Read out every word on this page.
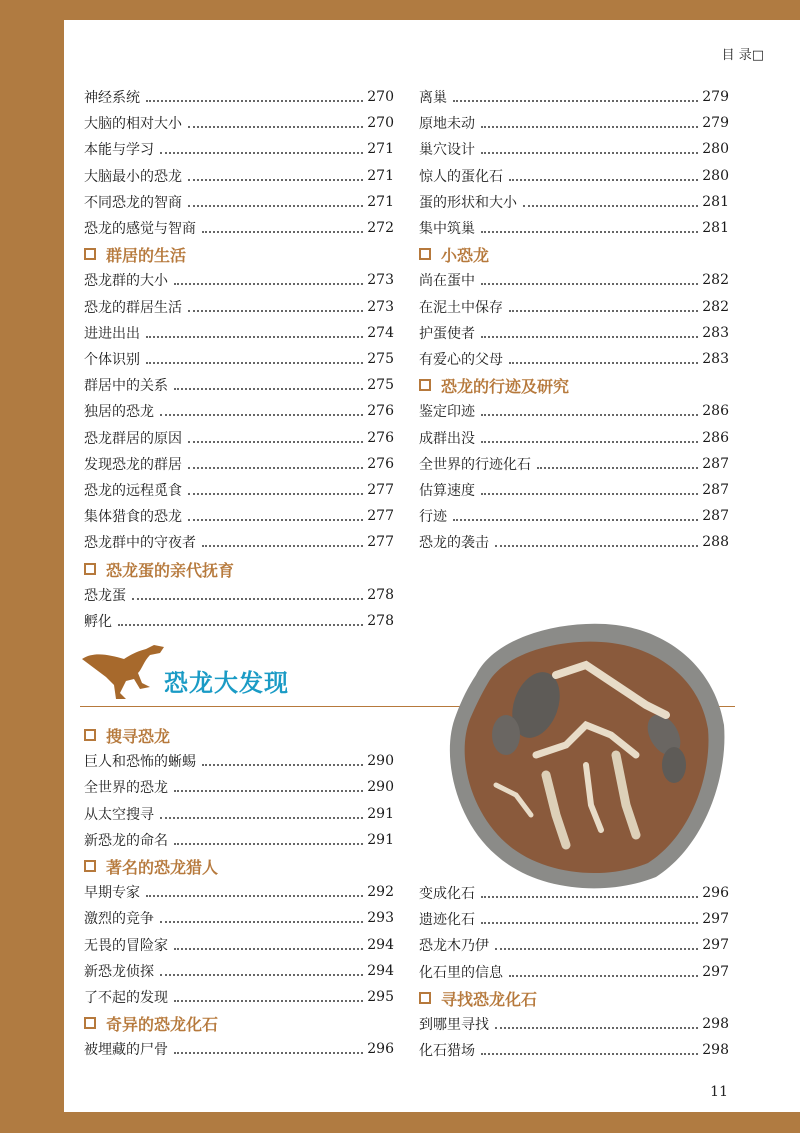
目 录□
神经系统	270
大脑的相对大小	270
本能与学习	271
大脑最小的恐龙	271
不同恐龙的智商	271
恐龙的感觉与智商	272
群居的生活
恐龙群的大小	273
恐龙的群居生活	273
进进出出	274
个体识别	275
群居中的关系	275
独居的恐龙	276
恐龙群居的原因	276
发现恐龙的群居	276
恐龙的远程觅食	277
集体猎食的恐龙	277
恐龙群中的守夜者	277
恐龙蛋的亲代抚育
恐龙蛋	278
孵化	278
离巢	279
原地未动	279
巢穴设计	280
惊人的蛋化石	280
蛋的形状和大小	281
集中筑巢	281
小恐龙
尚在蛋中	282
在泥土中保存	282
护蛋使者	283
有爱心的父母	283
恐龙的行迹及研究
鉴定印迹	286
成群出没	286
全世界的行迹化石	287
估算速度	287
行迹	287
恐龙的袭击	288
恐龙大发现
搜寻恐龙
巨人和恐怖的蜥蜴	290
全世界的恐龙	290
从太空搜寻	291
新恐龙的命名	291
著名的恐龙猎人
早期专家	292
激烈的竞争	293
无畏的冒险家	294
新恐龙侦探	294
了不起的发现	295
奇异的恐龙化石
被埋藏的尸骨	296
变成化石	296
遗迹化石	297
恐龙木乃伊	297
化石里的信息	297
寻找恐龙化石
到哪里寻找	298
化石猎场	298
11
